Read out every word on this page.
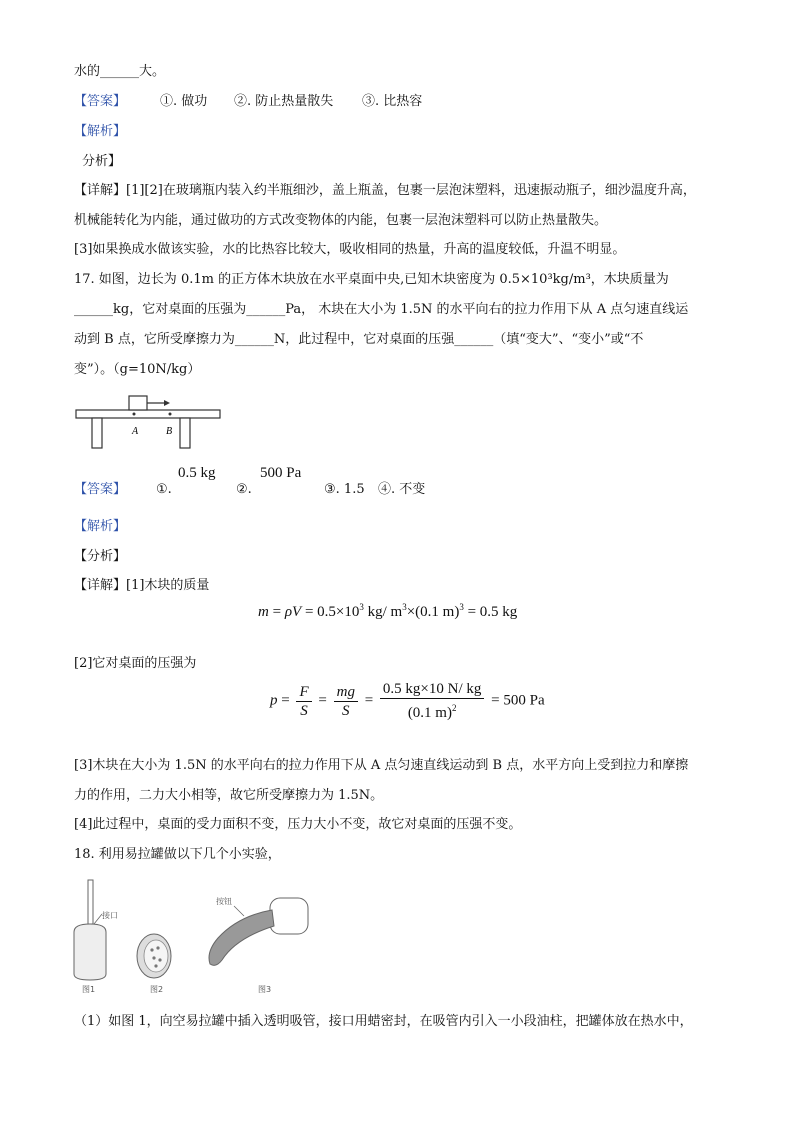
水的______大。
【答案】	①. 做功 ②. 防止热量散失 ③. 比热容
【解析】
分析】
【详解】[1][2]在玻璃瓶内装入约半瓶细沙，盖上瓶盖，包裹一层泡沫塑料，迅速振动瓶子，细沙温度升高，
机械能转化为内能，通过做功的方式改变物体的内能，包裹一层泡沫塑料可以防止热量散失。
[3]如果换成水做该实验，水的比热容比较大，吸收相同的热量，升高的温度较低，升温不明显。
17. 如图，边长为 0.1m 的正方体木块放在水平桌面中央,已知木块密度为 0.5×10³kg/m³，木块质量为
______kg，它对桌面的压强为______Pa， 木块在大小为 1.5N 的水平向右的拉力作用下从 A 点匀速直线运
动到 B 点，它所受摩擦力为______N，此过程中，它对桌面的压强______（填“变大”、“变小”或“不
变”）。（g=10N/kg）
A	B
【答案】 ①.
0.5 kg
②.
500 Pa
③. 1.5 ④. 不变
【解析】
【分析】
【详解】[1]木块的质量
$m = \rho V = 0.5\times 10^3$ kg/ $m^3\times(0.1$ m)$^3$ = 0.5 kg
[2]它对桌面的压强为
$p = \frac{F}{S} = \frac{mg}{S} = \frac{0.5 kg\times 10 N/ kg}{(0.1 m)^2} = 500$ Pa
[3]木块在大小为 1.5N 的水平向右的拉力作用下从 A 点匀速直线运动到 B 点，水平方向上受到拉力和摩擦
力的作用，二力大小相等，故它所受摩擦力为 1.5N。
[4]此过程中，桌面的受力面积不变，压力大小不变，故它对桌面的压强不变。
18. 利用易拉罐做以下几个小实验，
接口
按钮
图1	图2	图3
（1）如图 1，向空易拉罐中插入透明吸管，接口用蜡密封，在吸管内引入一小段油柱，把罐体放在热水中，
